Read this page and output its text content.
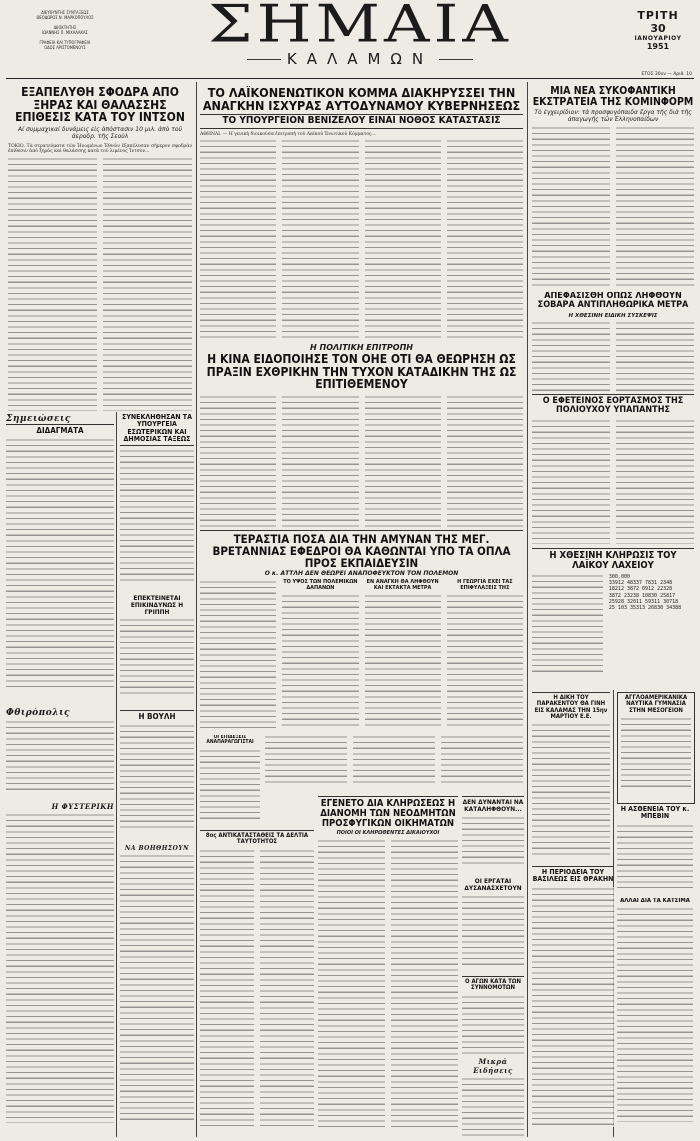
ΔΙΕΥΘΥΝΤΗΣ ΣΥΝΤΑΞΕΩΣ
ΘΕΟΔΩΡΟΣ Ν. ΜΑΡΚΟΠΟΥΛΟΣ
ΙΔΙΟΚΤΗΤΗΣ
ΙΩΑΝΝΗΣ Π. ΜΙΧΑΛΑΚΑΣ
ΓΡΑΦΕΙΑ ΚΑΙ ΤΥΠΟΓΡΑΦΕΙΑ
ΟΔΟΣ ΑΡΙΣΤΟΜΕΝΟΥΣ	ΣΗΜΑΙΑ
ΚΑΛΑΜΩΝ
ΤΡΙΤΗ
30
ΙΑΝΟΥΑΡΙΟΥ
1951
ΕΤΟΣ 30ον — Αριθ. 10
ΕΞΑΠΕΛΥΘΗ ΣΦΟΔΡΑ ΑΠΟ ΞΗΡΑΣ ΚΑΙ ΘΑΛΑΣΣΗΣ ΕΠΙΘΕΣΙΣ ΚΑΤΑ ΤΟΥ ΙΝΤΣΟΝ
Αί συμμαχικαί δυνάμεις εἰς ἀπόστασιν 10 μιλ. ἀπὸ τοῦ ἀεροδρ. τῆς Σεοὺλ
ΤΟΚΙΟ. Τὰ στρατεύματα τῶν Ἡνωμένων Ἐθνῶν ἐξαπέλυσαν σήμερον σφοδρὰν ἐπίθεσιν ἀπὸ ξηρᾶς καὶ θαλάσσης κατὰ τοῦ λιμένος Ἰντσὸν...
ΤΟ ΛΑΪΚΟΝΕΝΩΤΙΚΟΝ ΚΟΜΜΑ ΔΙΑΚΗΡΥΣΣΕΙ ΤΗΝ ΑΝΑΓΚΗΝ ΙΣΧΥΡΑΣ ΑΥΤΟΔΥΝΑΜΟΥ ΚΥΒΕΡΝΗΣΕΩΣ
ΤΟ ΥΠΟΥΡΓΕΙΟΝ ΒΕΝΙΖΕΛΟΥ ΕΙΝΑΙ ΝΟΘΟΣ ΚΑΤΑΣΤΑΣΙΣ
ΑΘΗΝΑΙ. — Η γενικὴ διοικοῦσα ἐπιτροπὴ τοῦ Λαϊκοῦ Ἑνωτικοῦ Κόμματος...
ΜΙΑ ΝΕΑ ΣΥΚΟΦΑΝΤΙΚΗ ΕΚΣΤΡΑΤΕΙΑ ΤΗΣ ΚΟΜΙΝΦΟΡΜ
Τὸ ἐγχειρίδιον: τὰ προσφυγόπαιδα ἔργα τῆς διὰ τῆς ἀπαγωγῆς τῶν Ἑλληνοπαίδων
ΑΠΕΦΑΣΙΣΘΗ ΟΠΩΣ ΛΗΦΘΟΥΝ ΣΟΒΑΡΑ ΑΝΤΙΠΛΗΘΩΡΙΚΑ ΜΕΤΡΑ
Η ΧΘΕΣΙΝΗ ΕΙΔΙΚΗ ΣΥΣΚΕΨΙΣ
Ο ΕΦΕΤΕΙΝΟΣ ΕΟΡΤΑΣΜΟΣ ΤΗΣ ΠΟΛΙΟΥΧΟΥ ΥΠΑΠΑΝΤΗΣ
Η ΠΟΛΙΤΙΚΗ ΕΠΙΤΡΟΠΗ
Η ΚΙΝΑ ΕΙΔΟΠΟΙΗΣΕ ΤΟΝ ΟΗΕ ΟΤΙ ΘΑ ΘΕΩΡΗΣΗ ΩΣ ΠΡΑΞΙΝ ΕΧΘΡΙΚΗΝ ΤΗΝ ΤΥΧΟΝ ΚΑΤΑΔΙΚΗΝ ΤΗΣ ΩΣ ΕΠΙΤΙΘΕΜΕΝΟΥ
Σημειώσεις
ΔΙΔΑΓΜΑΤΑ
ΣΥΝΕΚΛΗΘΗΣΑΝ ΤΑ ΥΠΟΥΡΓΕΙΑ ΕΣΩΤΕΡΙΚΩΝ ΚΑΙ ΔΗΜΟΣΙΑΣ ΤΑΞΕΩΣ
ΤΕΡΑΣΤΙΑ ΠΟΣΑ ΔΙΑ ΤΗΝ ΑΜΥΝΑΝ ΤΗΣ ΜΕΓ. ΒΡΕΤΑΝΝΙΑΣ ΕΦΕΔΡΟΙ ΘΑ ΚΑΘΩΝΤΑΙ ΥΠΟ ΤΑ ΟΠΛΑ ΠΡΟΣ ΕΚΠΑΙΔΕΥΣΙΝ
Ο κ. ΑΤΤΛΗ ΔΕΝ ΘΕΩΡΕΙ ΑΝΑΠΟΦΕΥΚΤΟΝ ΤΟΝ ΠΟΛΕΜΟΝ
ΤΟ ΥΨΟΣ ΤΩΝ ΠΟΛΕΜΙΚΩΝ ΔΑΠΑΝΩΝ
ΕΝ ΑΝΑΓΚΗ ΘΑ ΛΗΦΘΟΥΝ ΚΑΙ ΕΚΤΑΚΤΑ ΜΕΤΡΑ
Η ΓΕΩΡΓΙΑ ΕΧΕΙ ΤΑΣ ΕΠΙΦΥΛΑΞΕΙΣ ΤΗΣ
Η ΧΘΕΣΙΝΗ ΚΛΗΡΩΣΙΣ ΤΟΥ ΛΑΪΚΟΥ ΛΑΧΕΙΟΥ
300.000
33912 48337 7831 2348
18212 3872 0912 22328
3872 23238 10830 25817
25928 32011 59311 30718
25 103 35313 26830 34388
ΕΠΕΚΤΕΙΝΕΤΑΙ ΕΠΙΚΙΝΔΥΝΩΣ Η ΓΡΙΠΠΗ
Φθιρόπολις	Η ΒΟΥΛΗ
ΟΙ ΕΠΙΔΕΞΕΙΣ ΑΝΑΠΑΡΑΓΩΓΙΣΤΑΙ
ΕΓΕΝΕΤΟ ΔΙΑ ΚΛΗΡΩΣΕΩΣ Η ΔΙΑΝΟΜΗ ΤΩΝ ΝΕΟΔΜΗΤΩΝ ΠΡΟΣΦΥΓΙΚΩΝ ΟΙΚΗΜΑΤΩΝ
ΠΟΙΟΙ ΟΙ ΚΛΗΡΩΘΕΝΤΕΣ ΔΙΚΑΙΟΥΧΟΙ
8ος ΑΝΤΙΚΑΤΑΣΤΑΘΕΙΣ ΤΑ ΔΕΛΤΙΑ ΤΑΥΤΟΤΗΤΟΣ
ΔΕΝ ΔΥΝΑΝΤΑΙ ΝΑ ΚΑΤΑΛΗΦΘΟΥΝ...
ΟΙ ΕΡΓΑΤΑΙ ΔΥΣΑΝΑΣΧΕΤΟΥΝ
Ο ΑΓΩΝ ΚΑΤΑ ΤΩΝ ΣΥΝΝΟΜΟΤΩΝ
Μικρά Ειδήσεις
Η ΔΙΚΗ ΤΟΥ ΠΑΡΑΚΕΝΤΟΥ ΘΑ ΓΙΝΗ ΕΙΣ ΚΑΛΑΜΑΣ ΤΗΝ 15ην ΜΑΡΤΙΟΥ Ε.Ε.
ΑΓΓΛΟΑΜΕΡΙΚΑΝΙΚΑ ΝΑΥΤΙΚΑ ΓΥΜΝΑΣΙΑ ΣΤΗΝ ΜΕΣΟΓΕΙΟΝ
Η ΑΣΘΕΝΕΙΑ ΤΟΥ κ. ΜΠΕΒΙΝ
Η ΠΕΡΙΟΔΕΙΑ ΤΟΥ ΒΑΣΙΛΕΩΣ ΕΙΣ ΘΡΑΚΗΝ
ΑΛΛΑΙ ΔΙΑ ΤΑ ΚΑΤΣΙΜΑ
Η ΦΥΣΤΕΡΙΚΗ
ΝΑ ΒΟΗΘΗΣΟΥΝ
